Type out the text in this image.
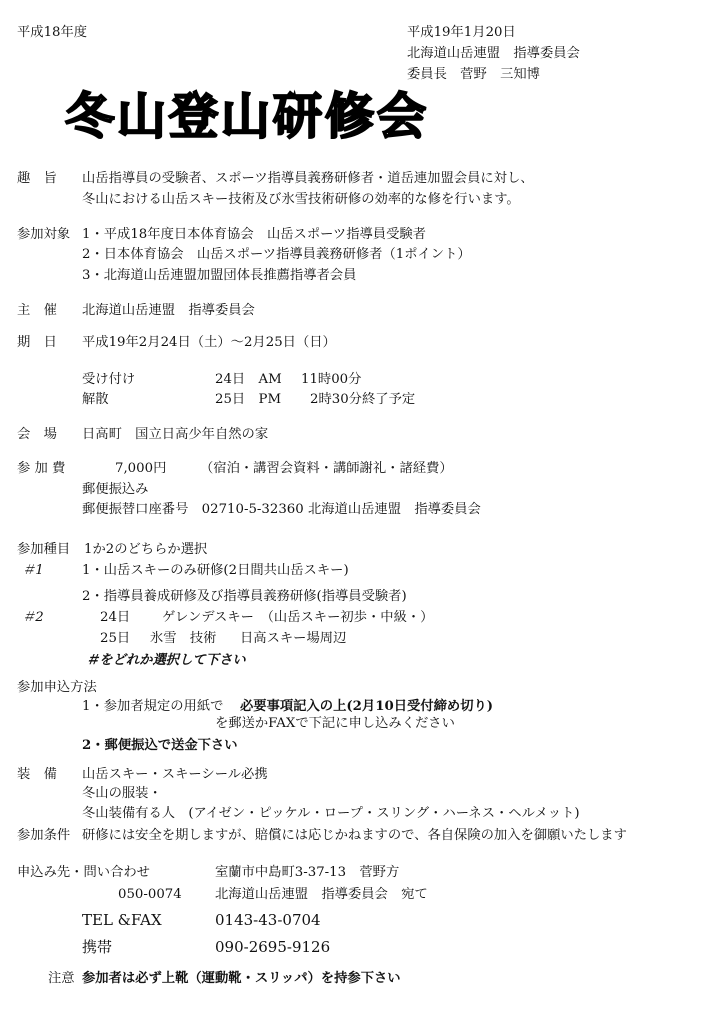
平成18年度	平成19年1月20日
北海道山岳連盟　指導委員会
委員長　菅野　三知博
冬山登山研修会
趣　旨 山岳指導員の受験者、スポーツ指導員義務研修者・道岳連加盟会員に対し、
冬山における山岳スキー技術及び氷雪技術研修の効率的な修を行います。
参加対象 1・平成18年度日本体育協会　山岳スポーツ指導員受験者
2・日本体育協会　山岳スポーツ指導員義務研修者（1ポイント）
3・北海道山岳連盟加盟団体長推薦指導者会員
主　催 北海道山岳連盟　指導委員会
期　日 平成19年2月24日（土）～2月25日（日）
受け付け	24日　AM 11時00分
解散	25日　PM 2時30分終了予定
会　場 日高町　国立日高少年自然の家
参 加 費	7,000円	（宿泊・講習会資料・講師謝礼・諸経費）
郵便振込み
郵便振替口座番号　02710-5-32360 北海道山岳連盟　指導委員会
参加種目 1か2のどちらか選択
＃1	1・山岳スキーのみ研修(2日間共山岳スキー)
2・指導員養成研修及び指導員義務研修(指導員受験者)
＃2	24日 ゲレンデスキー　（山岳スキー初歩・中級・）
25日 氷雪　技術 日高スキー場周辺
＃をどれか選択して下さい
参加申込方法
1・参加者規定の用紙で 必要事項記入の上(2月10日受付締め切り)
を郵送かFAXで下記に申し込みください
2・郵便振込で送金下さい
装　備 山岳スキー・スキーシール必携
冬山の服装・
冬山装備有る人　(アイゼン・ピッケル・ロープ・スリング・ハーネス・ヘルメット)
参加条件 研修には安全を期しますが、賠償には応じかねますので、各自保険の加入を御願いたします
申込み先・問い合わせ	室蘭市中島町3-37-13　菅野方
050-0074	北海道山岳連盟　指導委員会　宛て
TEL &FAX	0143-43-0704
携帯	090-2695-9126
注意 参加者は必ず上靴（運動靴・スリッパ）を持参下さい
